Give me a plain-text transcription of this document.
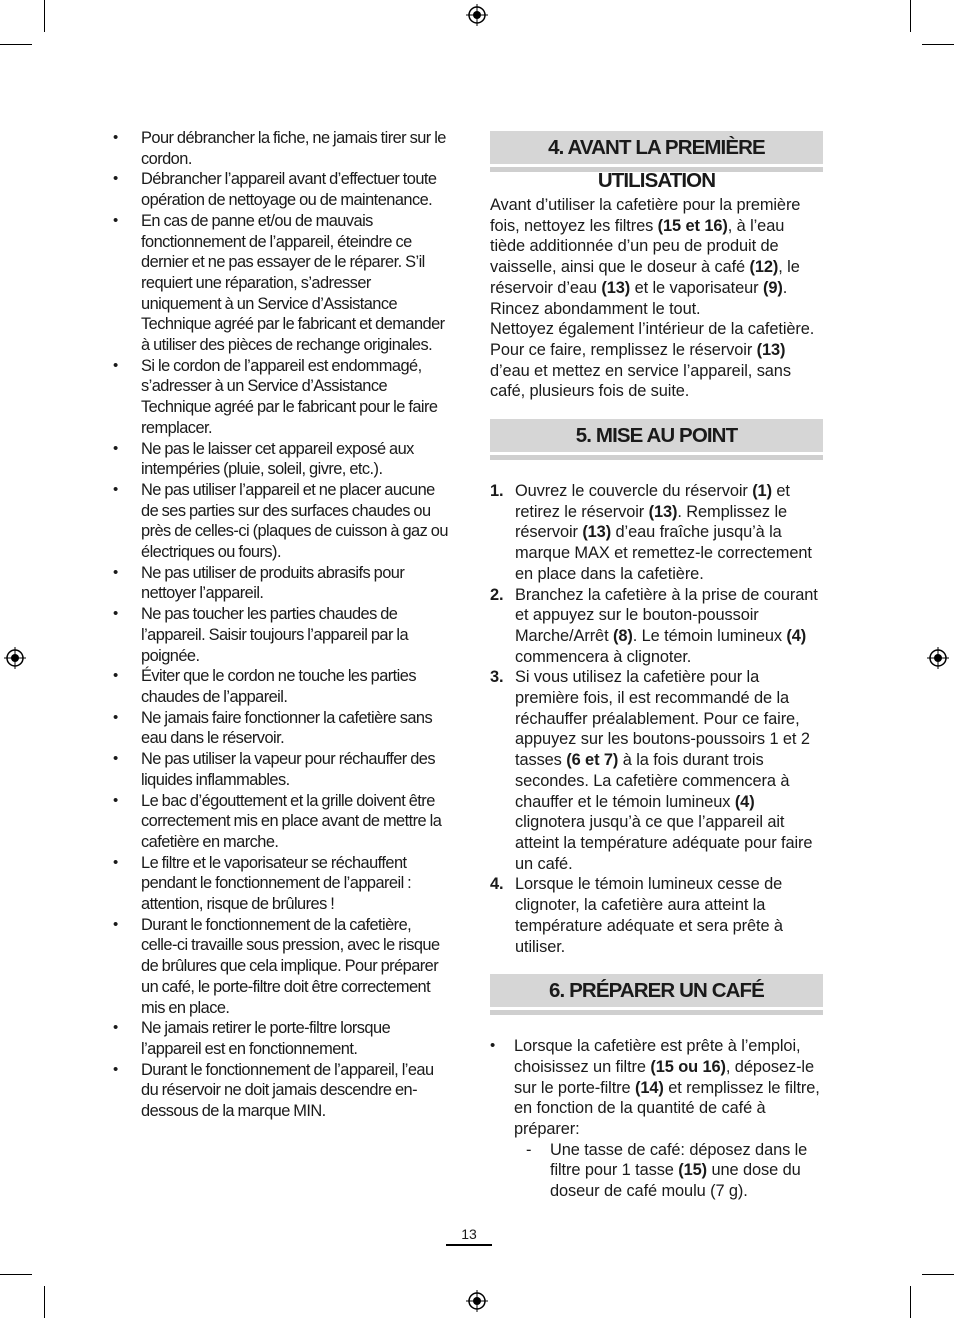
•	Pour débrancher la fiche, ne jamais tirer sur le cordon.
•	Débrancher l’appareil avant d’effectuer toute opération de nettoyage ou de maintenance.
•	En cas de panne et/ou de mauvais fonctionnement de l’appareil, éteindre ce dernier et ne pas essayer de le réparer. S’il requiert une réparation, s’adresser uniquement à un Service d’Assistance Technique agréé par le fabricant et demander à utiliser des pièces de rechange originales.
•	Si le cordon de l’appareil est endommagé, s’adresser à un Service d’Assistance Technique agréé par le fabricant pour le faire remplacer.
•	Ne pas le laisser cet appareil exposé aux intempéries (pluie, soleil, givre, etc.).
•	Ne pas utiliser l’appareil et ne placer aucune de ses parties sur des surfaces chaudes ou près de celles-ci (plaques de cuisson à gaz ou électriques ou fours).
•	Ne pas utiliser de produits abrasifs pour nettoyer l’appareil.
•	Ne pas toucher les parties chaudes de l’appareil. Saisir toujours l’appareil par la poignée.
•	Éviter que le cordon ne touche les parties chaudes de l’appareil.
•	Ne jamais faire fonctionner la cafetière sans eau dans le réservoir.
•	Ne pas utiliser la vapeur pour réchauffer des liquides inflammables.
•	Le bac d’égouttement et la grille doivent être correctement mis en place avant de mettre la cafetière en marche.
•	Le filtre et le vaporisateur se réchauffent pendant le fonctionnement de l’appareil : attention, risque de brûlures !
•	Durant le fonctionnement de la cafetière, celle-ci travaille sous pression, avec le risque de brûlures que cela implique. Pour préparer un café, le porte-filtre doit être correctement mis en place.
•	Ne jamais retirer le porte-filtre lorsque l’appareil est en fonctionnement.
•	Durant le fonctionnement de l’appareil, l’eau du réservoir ne doit jamais descendre en-dessous de la marque MIN.
4. AVANT LA PREMIÈRE UTILISATION

Avant d’utiliser la cafetière pour la première fois, nettoyez les filtres (15 et 16), à l’eau tiède additionnée d’un peu de produit de vaisselle, ainsi que le doseur à café (12), le réservoir d’eau (13) et le vaporisateur (9). Rincez abondamment le tout.

Nettoyez également l’intérieur de la cafetière. Pour ce faire, remplissez le réservoir (13) d’eau et mettez en service l’appareil, sans café, plusieurs fois de suite.

5. MISE AU POINT
1. Ouvrez le couvercle du réservoir (1) et retirez le réservoir (13). Remplissez le réservoir (13) d’eau fraîche jusqu’à la marque MAX et remettez-le correctement en place dans la cafetière.
2. Branchez la cafetière à la prise de courant et appuyez sur le bouton-poussoir Marche/Arrêt (8). Le témoin lumineux (4) commencera à clignoter.
3. Si vous utilisez la cafetière pour la première fois, il est recommandé de la réchauffer préalablement. Pour ce faire, appuyez sur les boutons-poussoirs 1 et 2 tasses (6 et 7) à la fois durant trois secondes. La cafetière commencera à chauffer et le témoin lumineux (4) clignotera jusqu’à ce que l’appareil ait atteint la température adéquate pour faire un café.
4. Lorsque le témoin lumineux cesse de clignoter, la cafetière aura atteint la température adéquate et sera prête à utiliser.
6. PRÉPARER UN CAFÉ
•	Lorsque la cafetière est prête à l’emploi, choisissez un filtre (15 ou 16), déposez-le sur le porte-filtre (14) et remplissez le filtre, en fonction de la quantité de café à préparer:
-	Une tasse de café: déposez dans le filtre pour 1 tasse (15) une dose du doseur de café moulu (7 g).
13
